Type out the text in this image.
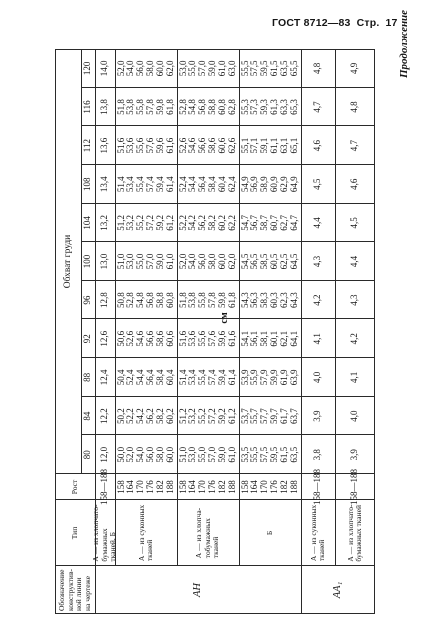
ГОСТ 8712—83 Стр. 17 Продолжение
Обозначение
конструктив-
ной линии
на чертеже
Тип
Рост
Обхват груди
80
84
88
92
96
100
104
108
112
116
120
АН	АА₁
А — из хлопчато-
бумажных
тканей, Б
158—188
12,0
12,2
12,4
12,6
12,8
13,0
13,2
13,4
13,6
13,8
14,0
А — из суконных
тканей
158
164
170
176
182
188
50,0
52,0
54,0
56,0
58,0
60,0
50,2
52,2
54,2
56,2
58,2
60,2
50,4
52,4
54,4
56,4
58,4
60,4
50,6
52,6
54,6
56,6
58,6
60,6
50,8
52,8
54,8
56,8
58,8
60,8
51,0
53,0
55,0
57,0
59,0
61,0
51,2
53,2
55,2
57,2
59,2
61,2
51,4
53,4
55,4
57,4
59,4
61,4
51,6
53,6
55,6
57,6
59,6
61,6
51,8
53,8
55,8
57,8
59,8
61,8
52,0
54,0
56,0
58,0
60,0
62,0
А — из хлопча-
тобумажных
тканей
158
164
170
176
182
188
51,0
53,0
55,0
57,0
59,0
61,0
51,2
53,2
55,2
57,2
59,2
61,2
51,4
53,4
55,4
57,4
59,4
61,4
51,6
53,6
55,6
57,6
59,6
61,6
51,8
53,8
55,8
57,8
59,8
61,8
52,0
54,0
56,0
58,0
60,0
62,0
52,2
54,2
56,2
58,2
60,2
62,2
52,4
54,4
56,4
58,4
60,4
62,4
52,6
54,6
56,6
58,6
60,6
62,6
52,8
54,8
56,8
58,8
60,8
62,8
53,0
55,0
57,0
59,0
61,0
63,0
Б
158
164
170
176
182
188
53,5
55,5
57,5
59,5
61,5
63,5
53,7
55,7
57,7
59,7
61,7
63,7
53,9
55,9
57,9
59,9
61,9
63,9
54,1
56,1
58,1
60,1
62,1
64,1
54,3
56,3
58,3
60,3
62,3
64,3
54,5
56,5
58,5
60,5
62,5
64,5
54,7
56,7
58,7
60,7
62,7
64,7
54,9
56,9
58,9
60,9
62,9
64,9
55,1
57,1
59,1
61,1
63,1
65,1
55,3
57,3
59,3
61,3
63,3
65,3
55,5
57,5
59,5
61,5
63,5
65,5
А — из суконных
тканей
158—188
3,8
3,9
4,0
4,1
4,2
4,3
4,4
4,5
4,6
4,7
4,8
А — из хлопчато-
бумажных тканей
158—188
3,9
4,0
4,1
4,2
4,3
4,4
4,5
4,6
4,7
4,8
4,9
